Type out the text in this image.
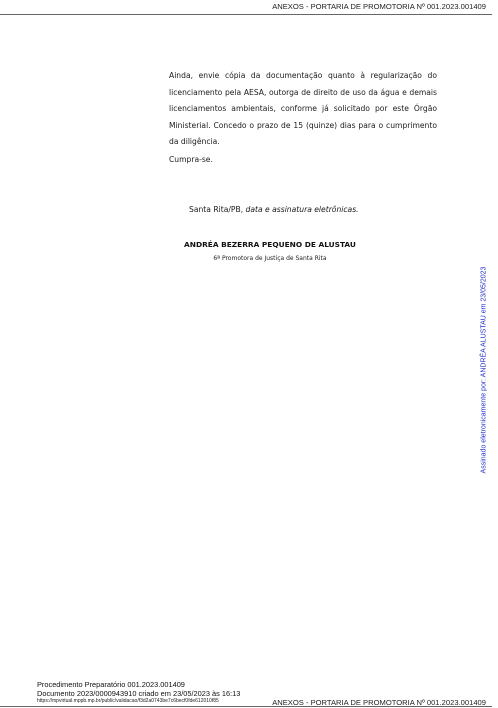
ANEXOS - PORTARIA DE PROMOTORIA Nº 001.2023.001409

Ainda, envie cópia da documentação quanto à regularização do licenciamento pela AESA, outorga de direito de uso da água e demais licenciamentos ambientais, conforme já solicitado por este Órgão Ministerial. Concedo o prazo de 15 (quinze) dias para o cumprimento da diligência.

Cumpra-se.
Santa Rita/PB, data e assinatura eletrônicas.
ANDRÉA BEZERRA PEQUENO DE ALUSTAU
6ª Promotora de Justiça de Santa Rita
Assinado eletronicamente por: ANDRÉA ALUSTAU em 23/05/2023
Procedimento Preparatório 001.2023.001409
Documento 2023/0000943910 criado em 23/05/2023 às 16:13
https://mpvirtual.mppb.mp.br/public/validacao/f3d2a0743be7c6becf0fde612010f85	ANEXOS - PORTARIA DE PROMOTORIA Nº 001.2023.001409
